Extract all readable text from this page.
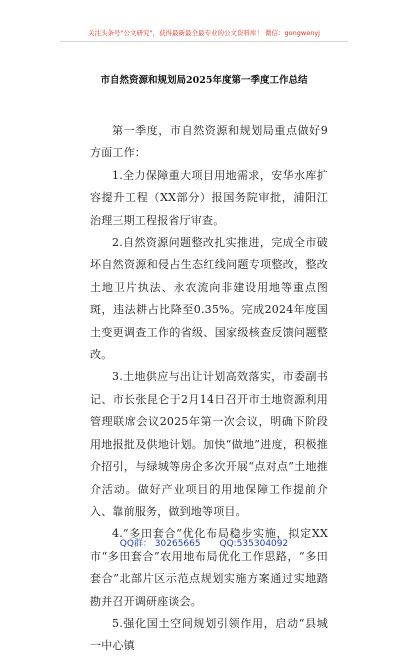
关注头条号"公文研究"，获得最新最全最专业的公文资料库！ 微信：gongwenyj
市自然资源和规划局2025年度第一季度工作总结

第一季度，市自然资源和规划局重点做好9方面工作：

1.全力保障重大项目用地需求，安华水库扩容提升工程（XX部分）报国务院审批，浦阳江治理三期工程报省厅审查。

2.自然资源问题整改扎实推进，完成全市破坏自然资源和侵占生态红线问题专项整改，整改土地卫片执法、永农流向非建设用地等重点图斑，违法耕占比降至0.35%。完成2024年度国土变更调查工作的省级、国家级核查反馈问题整改。

3.土地供应与出让计划高效落实，市委副书记、市长张昆仑于2月14日召开市土地资源利用管理联席会议2025年第一次会议，明确下阶段用地报批及供地计划。加快“做地”进度，积极推介招引，与绿城等房企多次开展“点对点”土地推介活动。做好产业项目的用地保障工作提前介入、靠前服务，做到地等项目。

4.“多田套合”优化布局稳步实施，拟定XX市“多田套合”农用地布局优化工作思路，“多田套合”北部片区示范点规划实施方案通过实地踏勘并召开调研座谈会。

5.强化国土空间规划引领作用，启动“县城一中心镇

QQ群： 30265665 QQ:535304092
